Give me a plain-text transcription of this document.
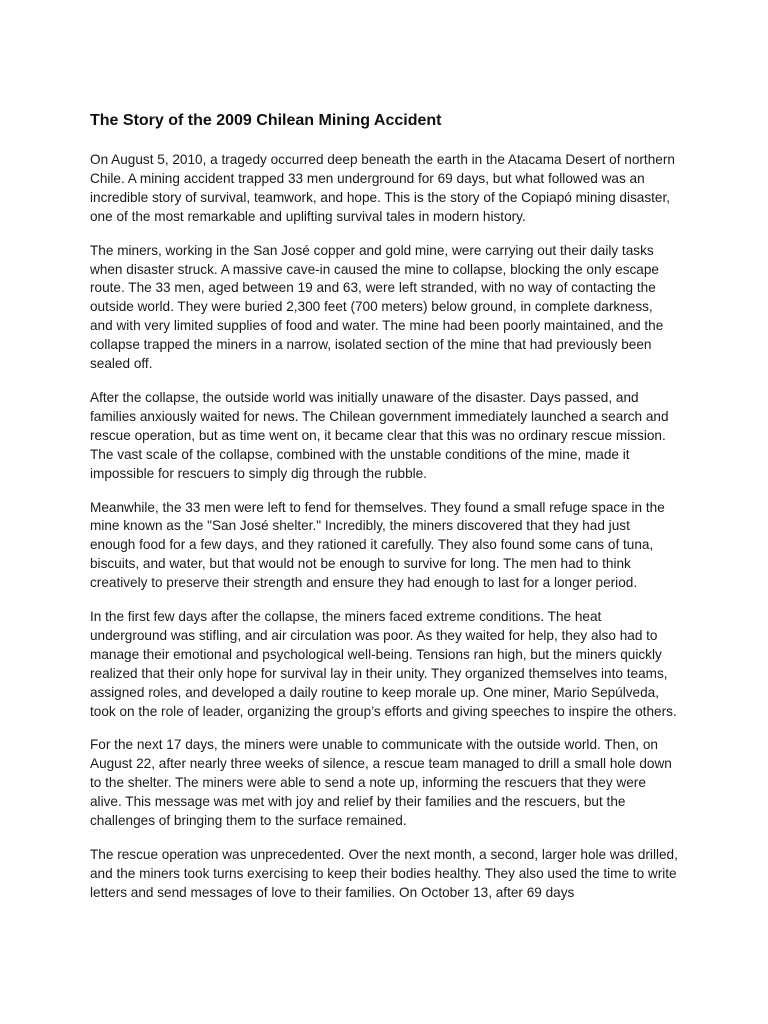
The Story of the 2009 Chilean Mining Accident

On August 5, 2010, a tragedy occurred deep beneath the earth in the Atacama Desert of northern Chile. A mining accident trapped 33 men underground for 69 days, but what followed was an incredible story of survival, teamwork, and hope. This is the story of the Copiapó mining disaster, one of the most remarkable and uplifting survival tales in modern history.

The miners, working in the San José copper and gold mine, were carrying out their daily tasks when disaster struck. A massive cave-in caused the mine to collapse, blocking the only escape route. The 33 men, aged between 19 and 63, were left stranded, with no way of contacting the outside world. They were buried 2,300 feet (700 meters) below ground, in complete darkness, and with very limited supplies of food and water. The mine had been poorly maintained, and the collapse trapped the miners in a narrow, isolated section of the mine that had previously been sealed off.

After the collapse, the outside world was initially unaware of the disaster. Days passed, and families anxiously waited for news. The Chilean government immediately launched a search and rescue operation, but as time went on, it became clear that this was no ordinary rescue mission. The vast scale of the collapse, combined with the unstable conditions of the mine, made it impossible for rescuers to simply dig through the rubble.

Meanwhile, the 33 men were left to fend for themselves. They found a small refuge space in the mine known as the "San José shelter." Incredibly, the miners discovered that they had just enough food for a few days, and they rationed it carefully. They also found some cans of tuna, biscuits, and water, but that would not be enough to survive for long. The men had to think creatively to preserve their strength and ensure they had enough to last for a longer period.

In the first few days after the collapse, the miners faced extreme conditions. The heat underground was stifling, and air circulation was poor. As they waited for help, they also had to manage their emotional and psychological well-being. Tensions ran high, but the miners quickly realized that their only hope for survival lay in their unity. They organized themselves into teams, assigned roles, and developed a daily routine to keep morale up. One miner, Mario Sepúlveda, took on the role of leader, organizing the group’s efforts and giving speeches to inspire the others.

For the next 17 days, the miners were unable to communicate with the outside world. Then, on August 22, after nearly three weeks of silence, a rescue team managed to drill a small hole down to the shelter. The miners were able to send a note up, informing the rescuers that they were alive. This message was met with joy and relief by their families and the rescuers, but the challenges of bringing them to the surface remained.

The rescue operation was unprecedented. Over the next month, a second, larger hole was drilled, and the miners took turns exercising to keep their bodies healthy. They also used the time to write letters and send messages of love to their families. On October 13, after 69 days
